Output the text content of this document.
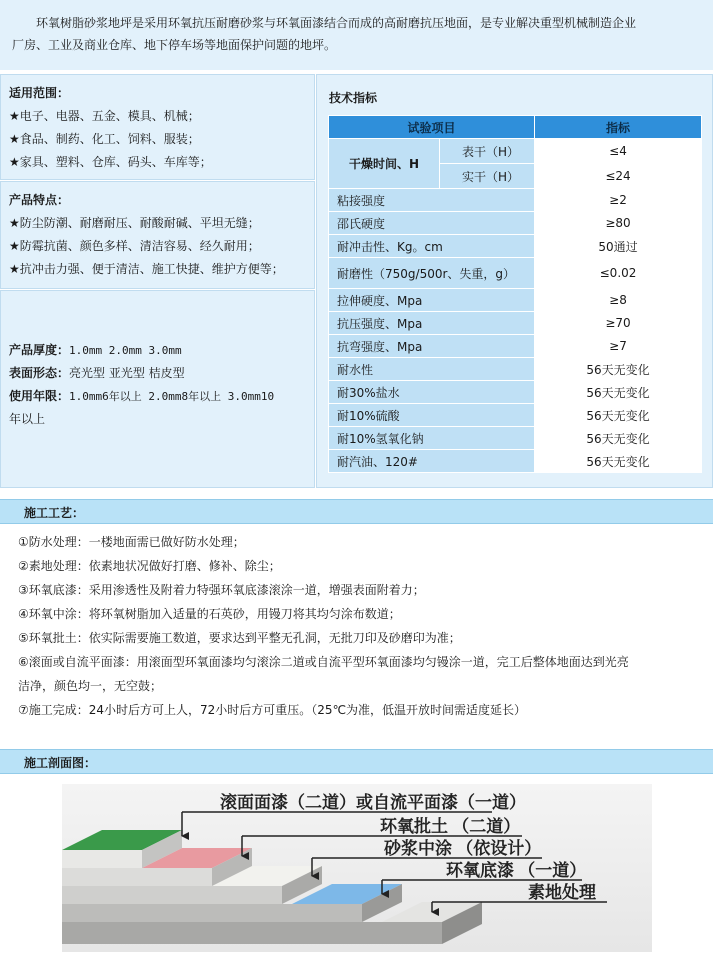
环氧树脂砂浆地坪是采用环氧抗压耐磨砂浆与环氧面漆结合而成的高耐磨抗压地面，是专业解决重型机械制造企业

厂房、工业及商业仓库、地下停车场等地面保护问题的地坪。
适用范围：
★电子、电器、五金、模具、机械；
★食品、制药、化工、饲料、服装；
★家具、塑料、仓库、码头、车库等；
产品特点：
★防尘防潮、耐磨耐压、耐酸耐碱、平坦无缝；
★防霉抗菌、颜色多样、清洁容易、经久耐用；
★抗冲击力强、便于清洁、施工快捷、维护方便等；
产品厚度：1.0mm 2.0mm 3.0mm
表面形态：亮光型 亚光型 桔皮型
使用年限：1.0mm6年以上 2.0mm8年以上 3.0mm10
年以上
技术指标
试验项目		指标
干燥时间、H	表干（H）	≤4
	实干（H）	≤24
粘接强度		≥2
邵氏硬度		≥80
耐冲击性、Kg。cm		50通过
耐磨性（750g/500r、失重，g）		≤0.02
拉伸硬度、Mpa		≥8
抗压强度、Mpa		≥70
抗弯强度、Mpa		≥7
耐水性		56天无变化
耐30%盐水		56天无变化
耐10%硫酸		56天无变化
耐10%氢氧化钠		56天无变化
耐汽油、120#		56天无变化
施工工艺：
①防水处理：一楼地面需已做好防水处理；
②素地处理：依素地状况做好打磨、修补、除尘；
③环氧底漆：采用渗透性及附着力特强环氧底漆滚涂一道，增强表面附着力；
④环氧中涂：将环氧树脂加入适量的石英砂，用镘刀将其均匀涂布数道；
⑤环氧批土：依实际需要施工数道，要求达到平整无孔洞，无批刀印及砂磨印为准；
⑥滚面或自流平面漆：用滚面型环氧面漆均匀滚涂二道或自流平型环氧面漆均匀镘涂一道，完工后整体地面达到光亮
洁净，颜色均一，无空鼓；
⑦施工完成：24小时后方可上人，72小时后方可重压。（25℃为准，低温开放时间需适度延长）
施工剖面图：
滚面面漆（二道）或自流平面漆（一道）
环氧批土 （二道）
砂浆中涂 （依设计）
环氧底漆 （一道）
素地处理
